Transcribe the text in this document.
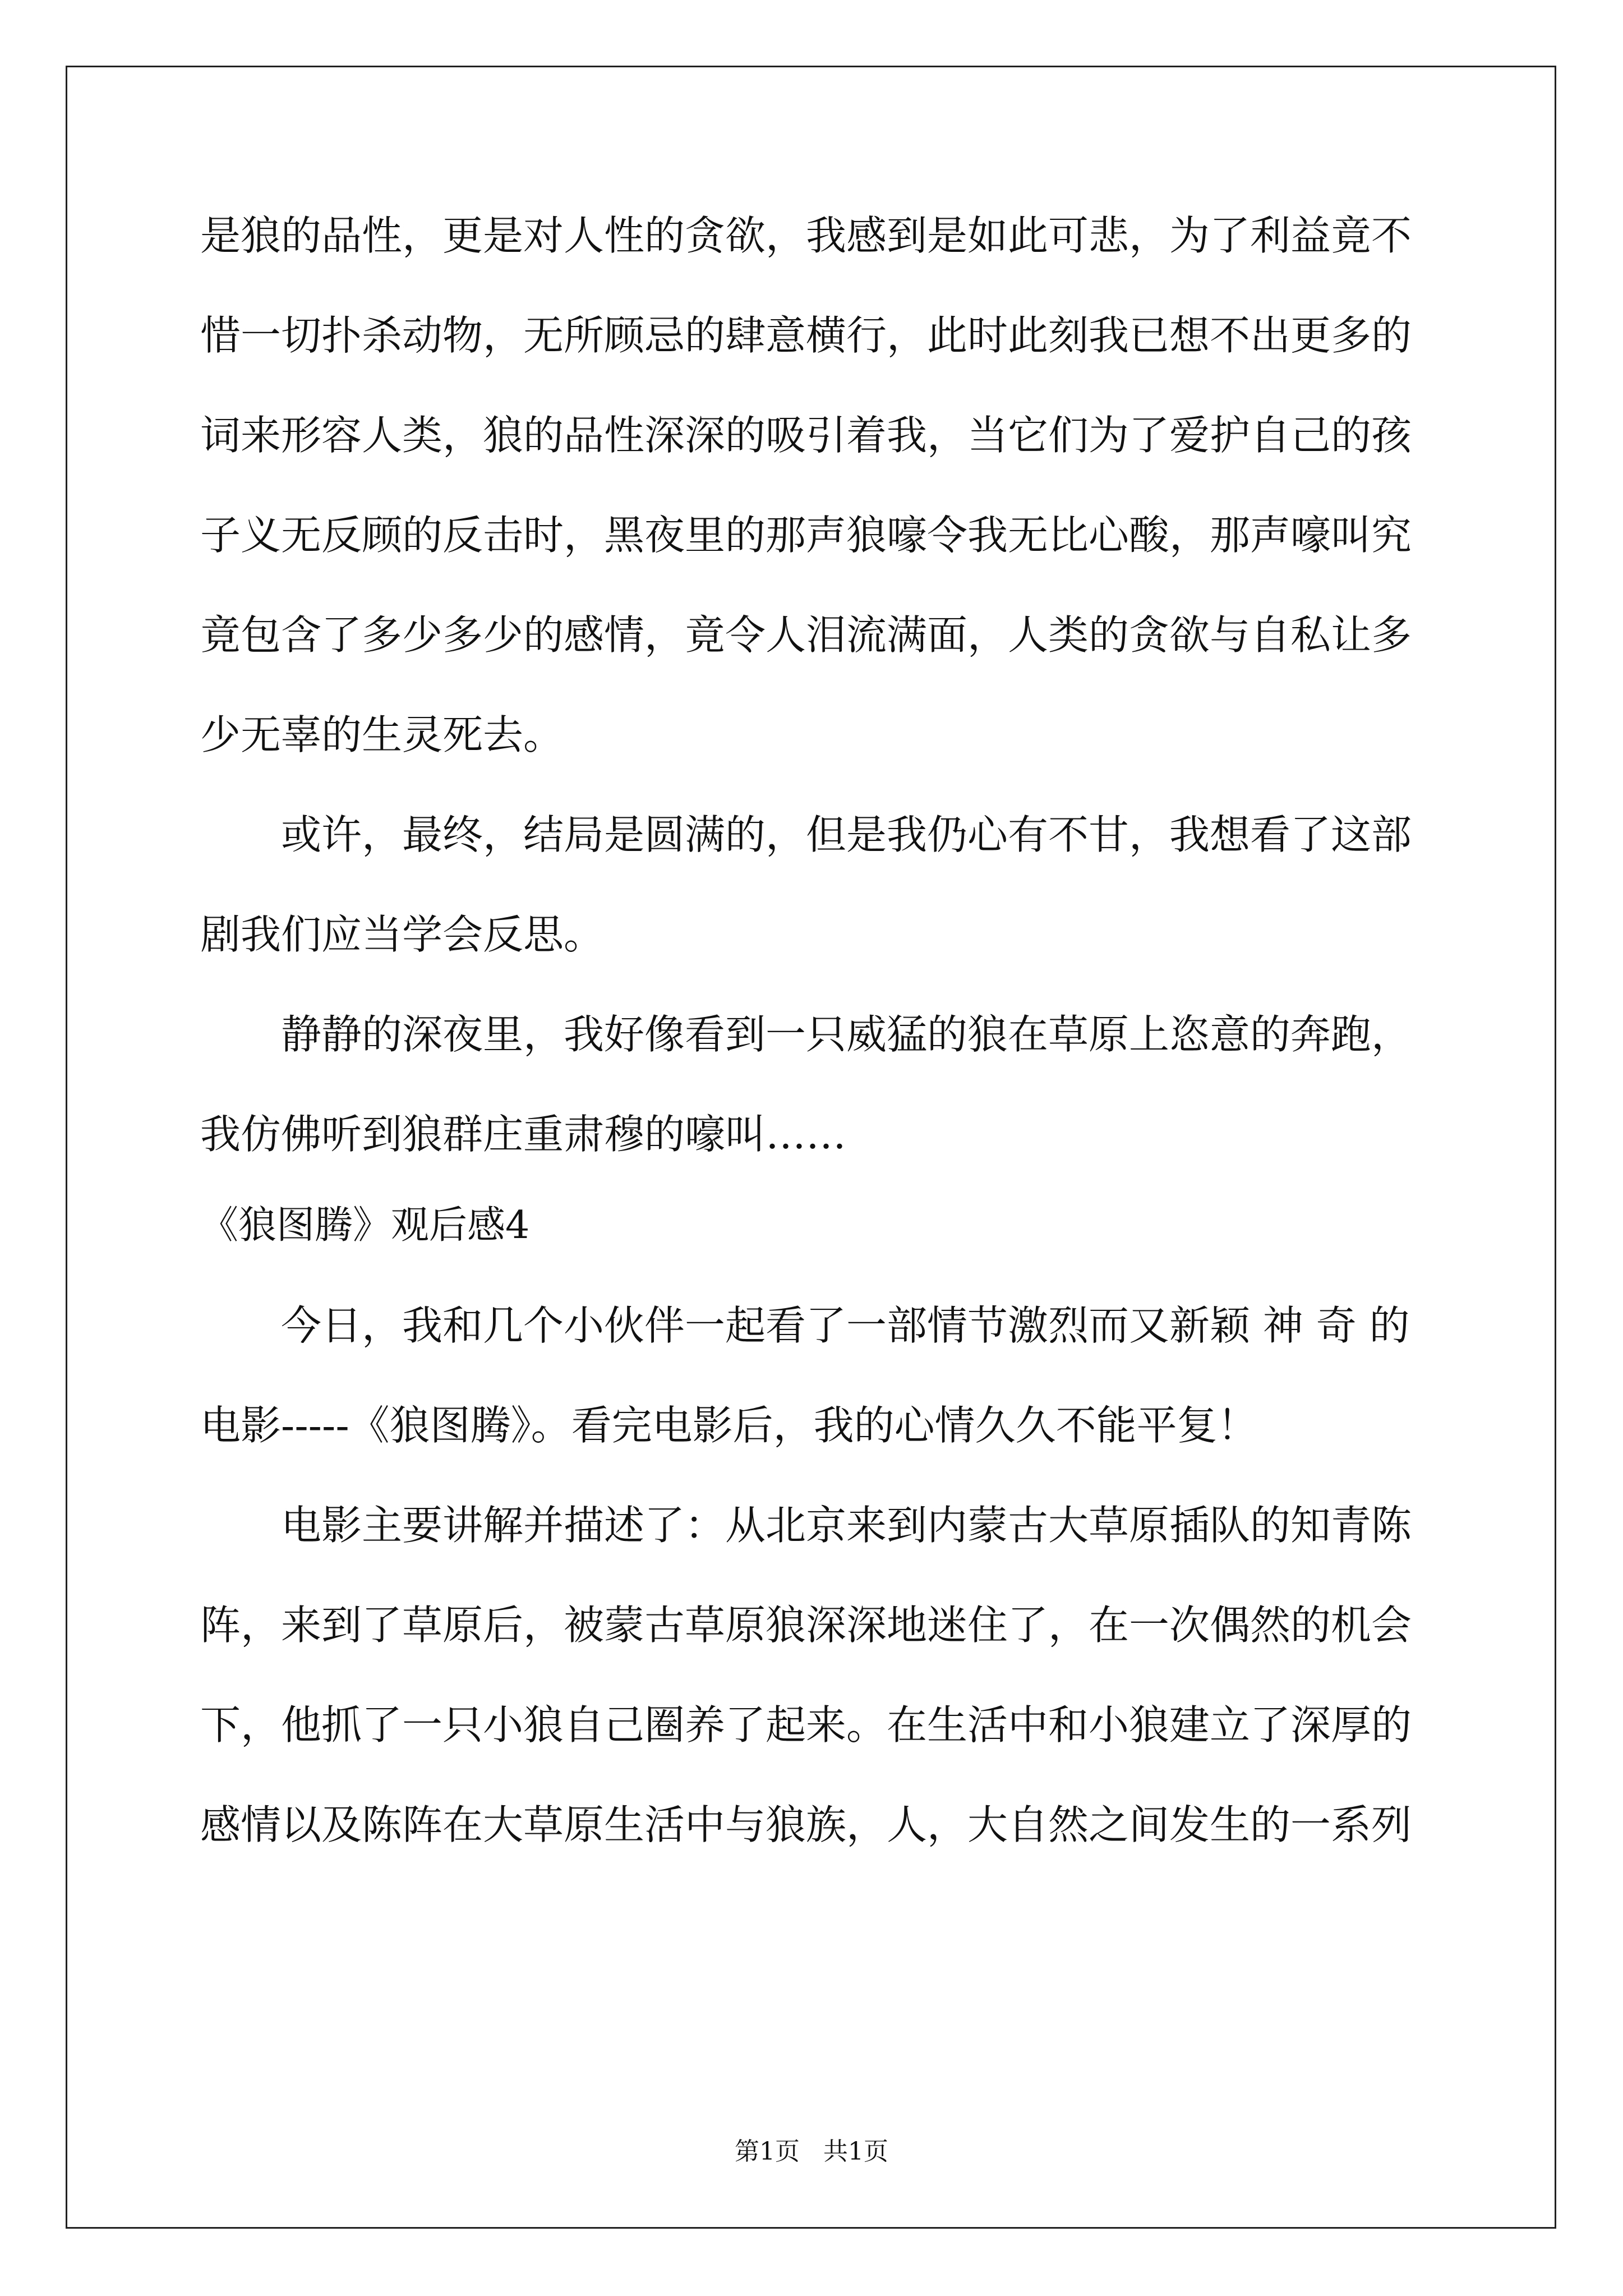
是狼的品性，更是对人性的贪欲，我感到是如此可悲，为了利益竟不
惜一切扑杀动物，无所顾忌的肆意横行，此时此刻我已想不出更多的
词来形容人类，狼的品性深深的吸引着我，当它们为了爱护自己的孩
子义无反顾的反击时，黑夜里的那声狼嚎令我无比心酸，那声嚎叫究
竟包含了多少多少的感情，竟令人泪流满面，人类的贪欲与自私让多
少无辜的生灵死去。
或许，最终，结局是圆满的，但是我仍心有不甘，我想看了这部
剧我们应当学会反思。
静静的深夜里，我好像看到一只威猛的狼在草原上恣意的奔跑，
我仿佛听到狼群庄重肃穆的嚎叫……
《狼图腾》观后感4
今日，我和几个小伙伴一起看了一部情节激烈而又新颖 神 奇 的
电影-----《狼图腾》。看完电影后，我的心情久久不能平复！
电影主要讲解并描述了：从北京来到内蒙古大草原插队的知青陈
阵，来到了草原后，被蒙古草原狼深深地迷住了，在一次偶然的机会
下，他抓了一只小狼自己圈养了起来。在生活中和小狼建立了深厚的
感情以及陈阵在大草原生活中与狼族，人，大自然之间发生的一系列
第1页   共1页
